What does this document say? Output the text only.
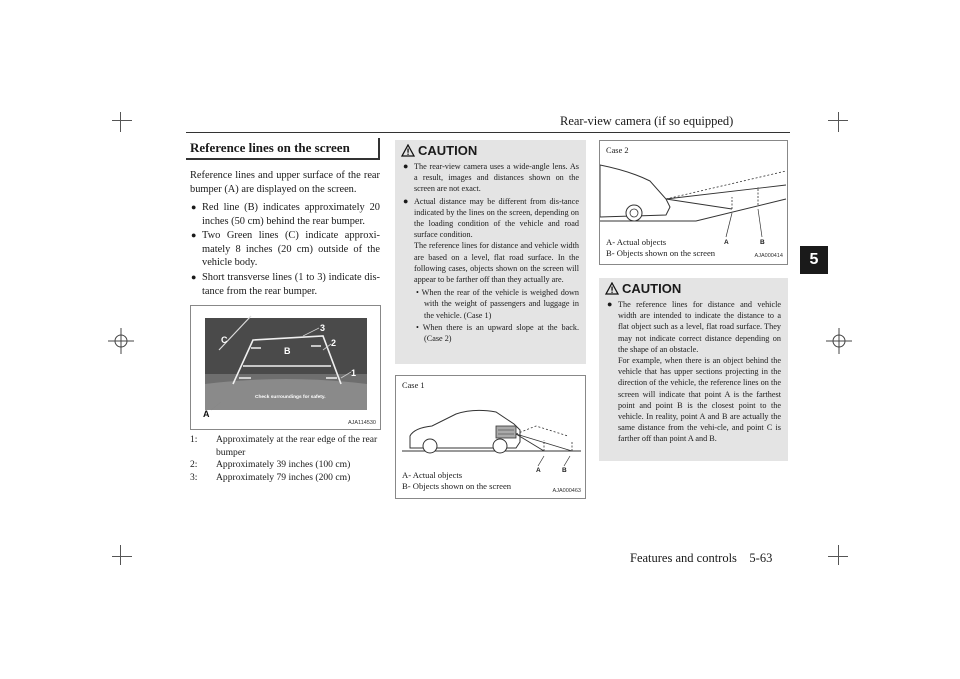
Rear-view camera (if so equipped)
5
Reference lines on the screen
Reference lines and upper surface of the rear bumper (A) are displayed on the screen.
● Red line (B) indicates approximately 20 inches (50 cm) behind the rear bumper.
● Two Green lines (C) indicate approxi-mately 8 inches (20 cm) outside of the vehicle body.
● Short transverse lines (1 to 3) indicate dis-tance from the rear bumper.
Check surroundings for safety.
C
B
3
2
1
A
AJA114530
1:	Approximately at the rear edge of the rear bumper
2:	Approximately 39 inches (100 cm)
3:	Approximately 79 inches (200 cm)
CAUTION
● The rear-view camera uses a wide-angle lens. As a result, images and distances shown on the screen are not exact.
● Actual distance may be different from dis-tance indicated by the lines on the screen, depending on the loading condition of the vehicle and road surface condition.
The reference lines for distance and vehicle width are based on a level, flat road surface. In the following cases, objects shown on the screen will appear to be farther off than they actually are.
• When the rear of the vehicle is weighed down with the weight of passengers and luggage in the vehicle. (Case 1)
• When there is an upward slope at the back. (Case 2)
Case 1
A	B
A- Actual objects
B- Objects shown on the screen	AJA000463
Case 2
A	B
A- Actual objects
B- Objects shown on the screen	AJA000414
CAUTION
● The reference lines for distance and vehicle width are intended to indicate the distance to a flat object such as a level, flat road surface. They may not indicate correct distance depending on the shape of an obstacle.
For example, when there is an object behind the vehicle that has upper sections projecting in the direction of the vehicle, the reference lines on the screen will indicate that point A is the farthest point and point B is the closest point to the vehicle. In reality, point A and B are actually the same distance from the vehi-cle, and point C is farther off than point A and B.
Features and controls    5-63
